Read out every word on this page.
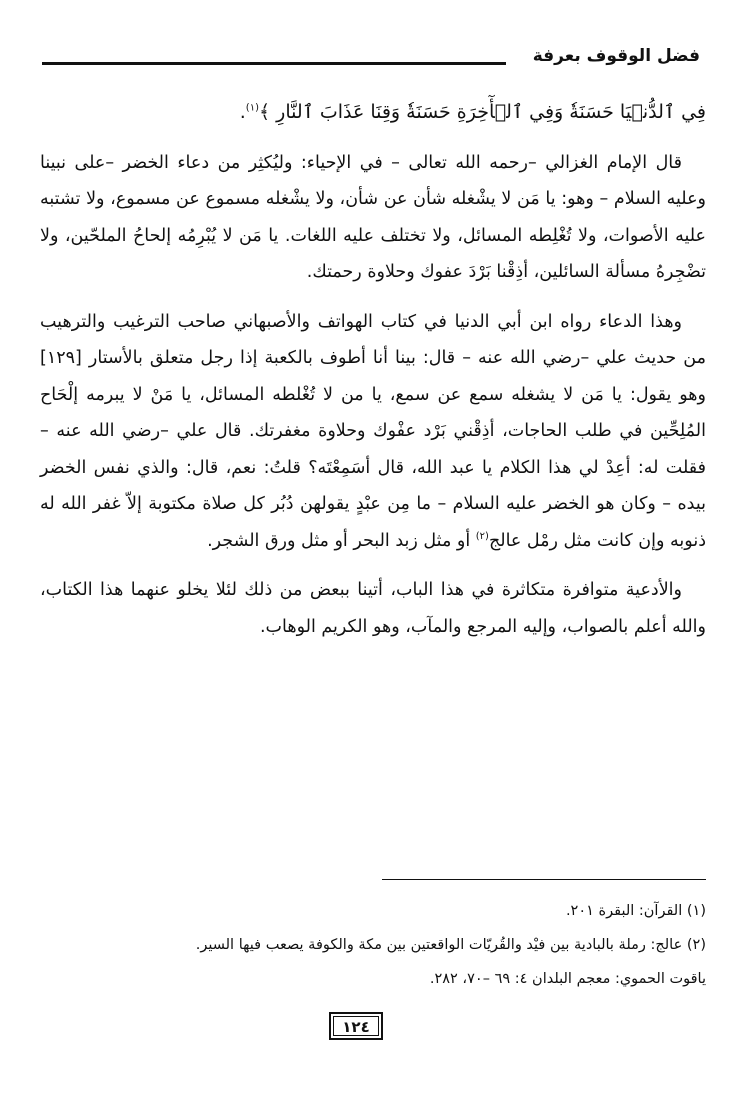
فضل الوقوف بعرفة

فِي ٱلدُّنۡيَا حَسَنَةٗ وَفِي ٱلۡأٓخِرَةِ حَسَنَةٗ وَقِنَا عَذَابَ ٱلنَّارِ ﴾$^{(١)}$.

قال الإمام الغزالي –رحمه الله تعالى – في الإحياء: وليُكثِر من دعاء الخضر –على نبينا وعليه السلام – وهو: يا مَن لا يشْغله شأن عن شأن، ولا يشْغله مسموع عن مسموع، ولا تشتبه عليه الأصوات، ولا تُغْلِطه المسائل، ولا تختلف عليه اللغات. يا مَن لا يُبْرِمُه إلحاحُ الملحّين، ولا تضْجِرهُ مسألة السائلين، أذِقْنا بَرْدَ عفوك وحلاوة رحمتك.

وهذا الدعاء رواه ابن أبي الدنيا في كتاب الهواتف والأصبهاني صاحب الترغيب والترهيب من حديث علي –رضي الله عنه – قال: بينا أنا أطوف بالكعبة إذا رجل متعلق بالأستار [١٢٩] وهو يقول: يا مَن لا يشغله سمع عن سمع، يا من لا تُغْلطه المسائل، يا مَنْ لا يبرمه إلْحَاح المُلِحِّين في طلب الحاجات، أذِقْني بَرْد عفْوك وحلاوة مغفرتك. قال علي –رضي الله عنه – فقلت له: أعِدْ لي هذا الكلام يا عبد الله، قال أسَمِعْتَه؟ قلتُ: نعم، قال: والذي نفس الخضر بيده – وكان هو الخضر عليه السلام – ما مِن عبْدٍ يقولهن دُبُر كل صلاة مكتوبة إلاّ غفر الله له ذنوبه وإن كانت مثل رمْل عالج$^{(٢)}$ أو مثل زبد البحر أو مثل ورق الشجر.

والأدعية متوافرة متكاثرة في هذا الباب، أتينا ببعض من ذلك لئلا يخلو عنهما هذا الكتاب، والله أعلم بالصواب، وإليه المرجع والمآب، وهو الكريم الوهاب.

(١) القرآن: البقرة ٢٠١.

(٢) عالج: رملة بالبادية بين فيْد والقُريّات الواقعتين بين مكة والكوفة يصعب فيها السير.

ياقوت الحموي: معجم البلدان ٤: ٦٩ –٧٠، ٢٨٢.

١٢٤
